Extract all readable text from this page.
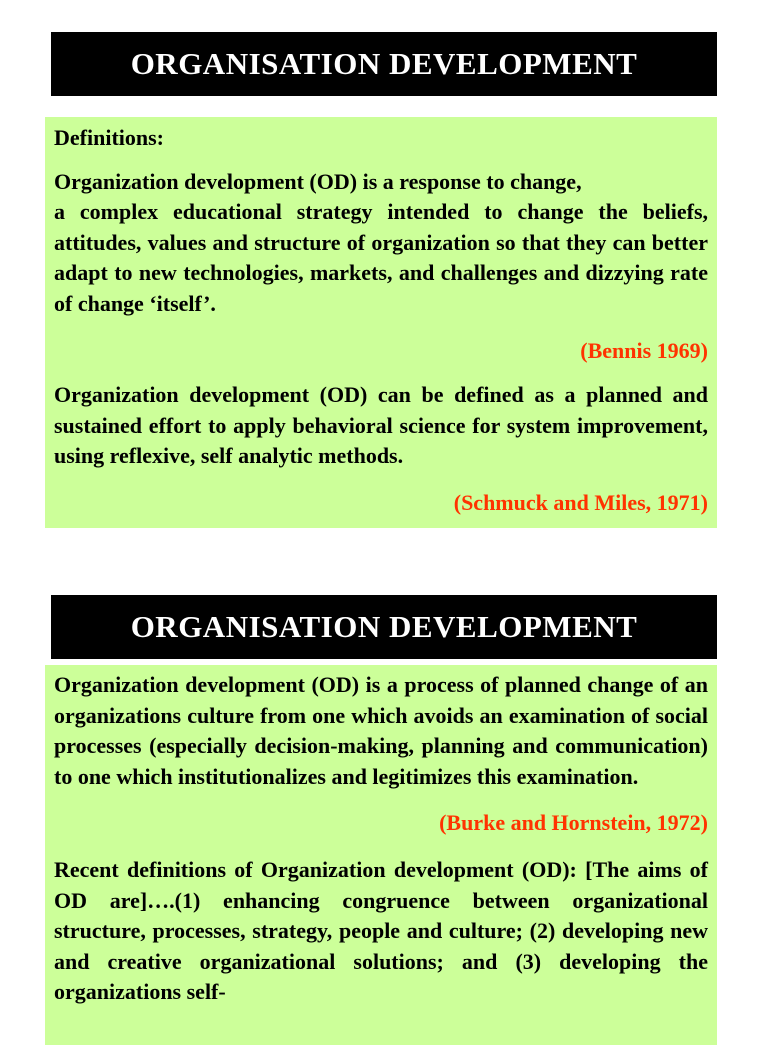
ORGANISATION DEVELOPMENT

Definitions:

Organization development (OD) is a response to change,
a complex educational strategy intended to change the beliefs, attitudes, values and structure of organization so that they can better adapt to new technologies, markets, and challenges and dizzying rate of change ‘itself’.

(Bennis 1969)

Organization development (OD) can be defined as a planned and sustained effort to apply behavioral science for system improvement, using reflexive, self analytic methods.

(Schmuck and Miles, 1971)

ORGANISATION DEVELOPMENT

Organization development (OD) is a process of planned change of an organizations culture from one which avoids an examination of social processes (especially decision-making, planning and communication) to one which institutionalizes and legitimizes this examination.

(Burke and Hornstein, 1972)

Recent definitions of Organization development (OD): [The aims of OD are]….(1) enhancing congruence between organizational structure, processes, strategy, people and culture; (2) developing new and creative organizational solutions; and (3) developing the organizations self-
